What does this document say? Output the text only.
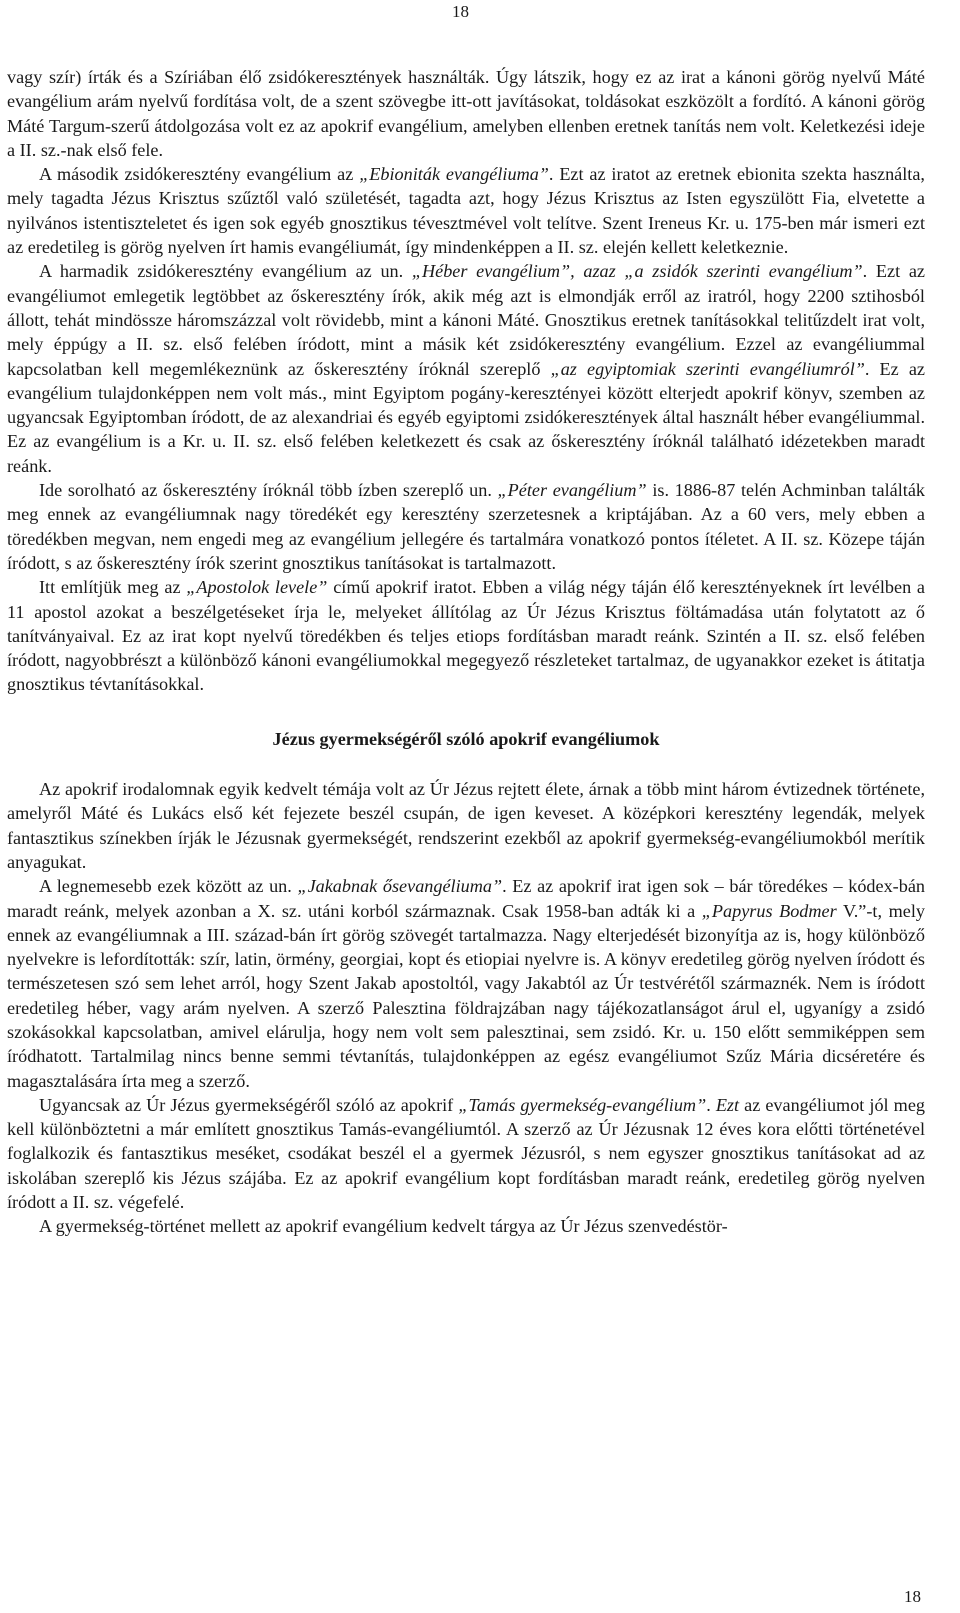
18

vagy szír) írták és a Szíriában élő zsidókeresztények használták. Úgy látszik, hogy ez az irat a kánoni görög nyelvű Máté evangélium arám nyelvű fordítása volt, de a szent szövegbe itt-ott javításokat, toldásokat eszközölt a fordító. A kánoni görög Máté Targum-szerű átdolgozása volt ez az apokrif evangélium, amelyben ellenben eretnek tanítás nem volt. Keletkezési ideje a II. sz.-nak első fele.

A második zsidókeresztény evangélium az „Ebioniták evangéliuma”. Ezt az iratot az eretnek ebionita szekta használta, mely tagadta Jézus Krisztus szűztől való születését, tagadta azt, hogy Jézus Krisztus az Isten egyszülött Fia, elvetette a nyilvános istentiszteletet és igen sok egyéb gnosztikus tévesztmével volt telítve. Szent Ireneus Kr. u. 175-ben már ismeri ezt az eredetileg is görög nyelven írt hamis evangéliumát, így mindenképpen a II. sz. elején kellett keletkeznie.

A harmadik zsidókeresztény evangélium az un. „Héber evangélium”, azaz „a zsidók szerinti evangélium”. Ezt az evangéliumot emlegetik legtöbbet az őskeresztény írók, akik még azt is elmondják erről az iratról, hogy 2200 sztihosból állott, tehát mindössze háromszázzal volt rövidebb, mint a kánoni Máté. Gnosztikus eretnek tanításokkal telitűzdelt irat volt, mely éppúgy a II. sz. első felében íródott, mint a másik két zsidókeresztény evangélium. Ezzel az evangéliummal kapcsolatban kell megemlékeznünk az őskeresztény íróknál szereplő „az egyiptomiak szerinti evangéliumról”. Ez az evangélium tulajdonképpen nem volt más., mint Egyiptom pogány-keresztényei között elterjedt apokrif könyv, szemben az ugyancsak Egyiptomban íródott, de az alexandriai és egyéb egyiptomi zsidókeresztények által használt héber evangéliummal. Ez az evangélium is a Kr. u. II. sz. első felében keletkezett és csak az őskeresztény íróknál található idézetekben maradt reánk.

Ide sorolható az őskeresztény íróknál több ízben szereplő un. „Péter evangélium” is. 1886-87 telén Achminban találták meg ennek az evangéliumnak nagy töredékét egy keresztény szerzetesnek a kriptájában. Az a 60 vers, mely ebben a töredékben megvan, nem engedi meg az evangélium jellegére és tartalmára vonatkozó pontos ítéletet. A II. sz. Közepe táján íródott, s az őskeresztény írók szerint gnosztikus tanításokat is tartalmazott.

Itt említjük meg az „Apostolok levele” című apokrif iratot. Ebben a világ négy táján élő keresztényeknek írt levélben a 11 apostol azokat a beszélgetéseket írja le, melyeket állítólag az Úr Jézus Krisztus föltámadása után folytatott az ő tanítványaival. Ez az irat kopt nyelvű töredékben és teljes etiops fordításban maradt reánk. Szintén a II. sz. első felében íródott, nagyobbrészt a különböző kánoni evangéliumokkal megegyező részleteket tartalmaz, de ugyanakkor ezeket is átitatja gnosztikus tévtanításokkal.

Jézus gyermekségéről szóló apokrif evangéliumok

Az apokrif irodalomnak egyik kedvelt témája volt az Úr Jézus rejtett élete, árnak a több mint három évtizednek története, amelyről Máté és Lukács első két fejezete beszél csupán, de igen keveset. A középkori keresztény legendák, melyek fantasztikus színekben írják le Jézusnak gyermekségét, rendszerint ezekből az apokrif gyermekség-evangéliumokból merítik anyagukat.

A legnemesebb ezek között az un. „Jakabnak ősevangéliuma”. Ez az apokrif irat igen sok – bár töredékes – kódex-bán maradt reánk, melyek azonban a X. sz. utáni korból származnak. Csak 1958-ban adták ki a „Papyrus Bodmer V.”-t, mely ennek az evangéliumnak a III. század-bán írt görög szövegét tartalmazza. Nagy elterjedését bizonyítja az is, hogy különböző nyelvekre is lefordították: szír, latin, örmény, georgiai, kopt és etiopiai nyelvre is. A könyv eredetileg görög nyelven íródott és természetesen szó sem lehet arról, hogy Szent Jakab apostoltól, vagy Jakabtól az Úr testvérétől származnék. Nem is íródott eredetileg héber, vagy arám nyelven. A szerző Palesztina földrajzában nagy tájékozatlanságot árul el, ugyanígy a zsidó szokásokkal kapcsolatban, amivel elárulja, hogy nem volt sem palesztinai, sem zsidó. Kr. u. 150 előtt semmiképpen sem íródhatott. Tartalmilag nincs benne semmi tévtanítás, tulajdonképpen az egész evangéliumot Szűz Mária dicséretére és magasztalására írta meg a szerző.

Ugyancsak az Úr Jézus gyermekségéről szóló az apokrif „Tamás gyermekség-evangélium”. Ezt az evangéliumot jól meg kell különböztetni a már említett gnosztikus Tamás-evangéliumtól. A szerző az Úr Jézusnak 12 éves kora előtti történetével foglalkozik és fantasztikus meséket, csodákat beszél el a gyermek Jézusról, s nem egyszer gnosztikus tanításokat ad az iskolában szereplő kis Jézus szájába. Ez az apokrif evangélium kopt fordításban maradt reánk, eredetileg görög nyelven íródott a II. sz. végefelé.

A gyermekség-történet mellett az apokrif evangélium kedvelt tárgya az Úr Jézus szenvedéstör-

18
